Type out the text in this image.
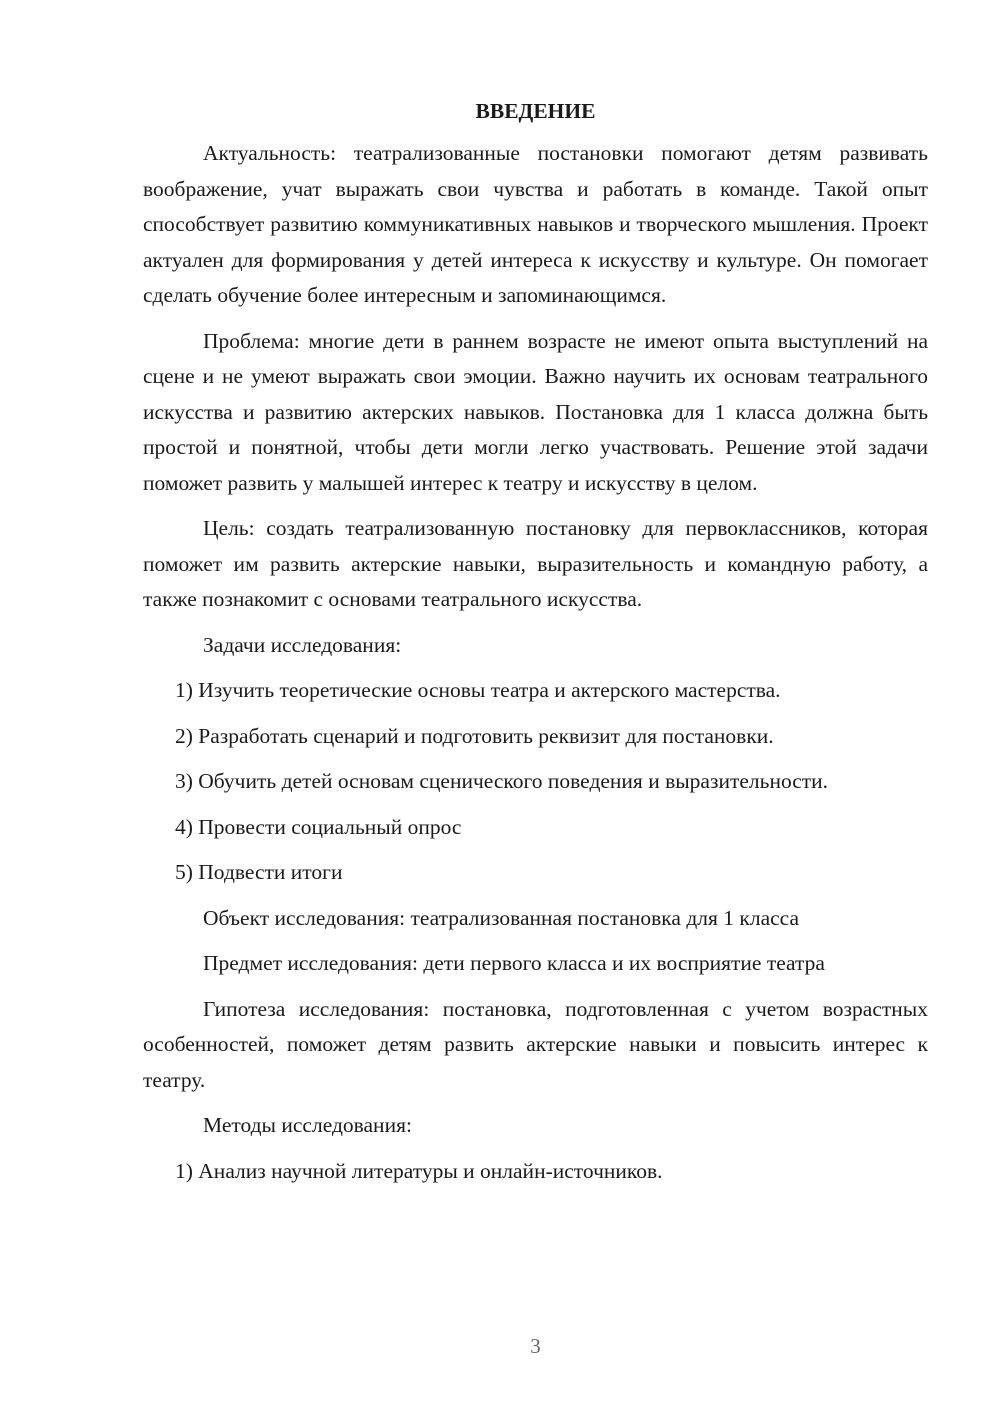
ВВЕДЕНИЕ

Актуальность: театрализованные постановки помогают детям развивать воображение, учат выражать свои чувства и работать в команде. Такой опыт способствует развитию коммуникативных навыков и творческого мышления. Проект актуален для формирования у детей интереса к искусству и культуре. Он помогает сделать обучение более интересным и запоминающимся.

Проблема: многие дети в раннем возрасте не имеют опыта выступлений на сцене и не умеют выражать свои эмоции. Важно научить их основам театрального искусства и развитию актерских навыков. Постановка для 1 класса должна быть простой и понятной, чтобы дети могли легко участвовать. Решение этой задачи поможет развить у малышей интерес к театру и искусству в целом.

Цель: создать театрализованную постановку для первоклассников, которая поможет им развить актерские навыки, выразительность и командную работу, а также познакомит с основами театрального искусства.

Задачи исследования:

1) Изучить теоретические основы театра и актерского мастерства.
2) Разработать сценарий и подготовить реквизит для постановки.
3) Обучить детей основам сценического поведения и выразительности.
4) Провести социальный опрос
5) Подвести итоги

Объект исследования: театрализованная постановка для 1 класса

Предмет исследования: дети первого класса и их восприятие театра

Гипотеза исследования: постановка, подготовленная с учетом возрастных особенностей, поможет детям развить актерские навыки и повысить интерес к театру.

Методы исследования:

1) Анализ научной литературы и онлайн-источников.
3
